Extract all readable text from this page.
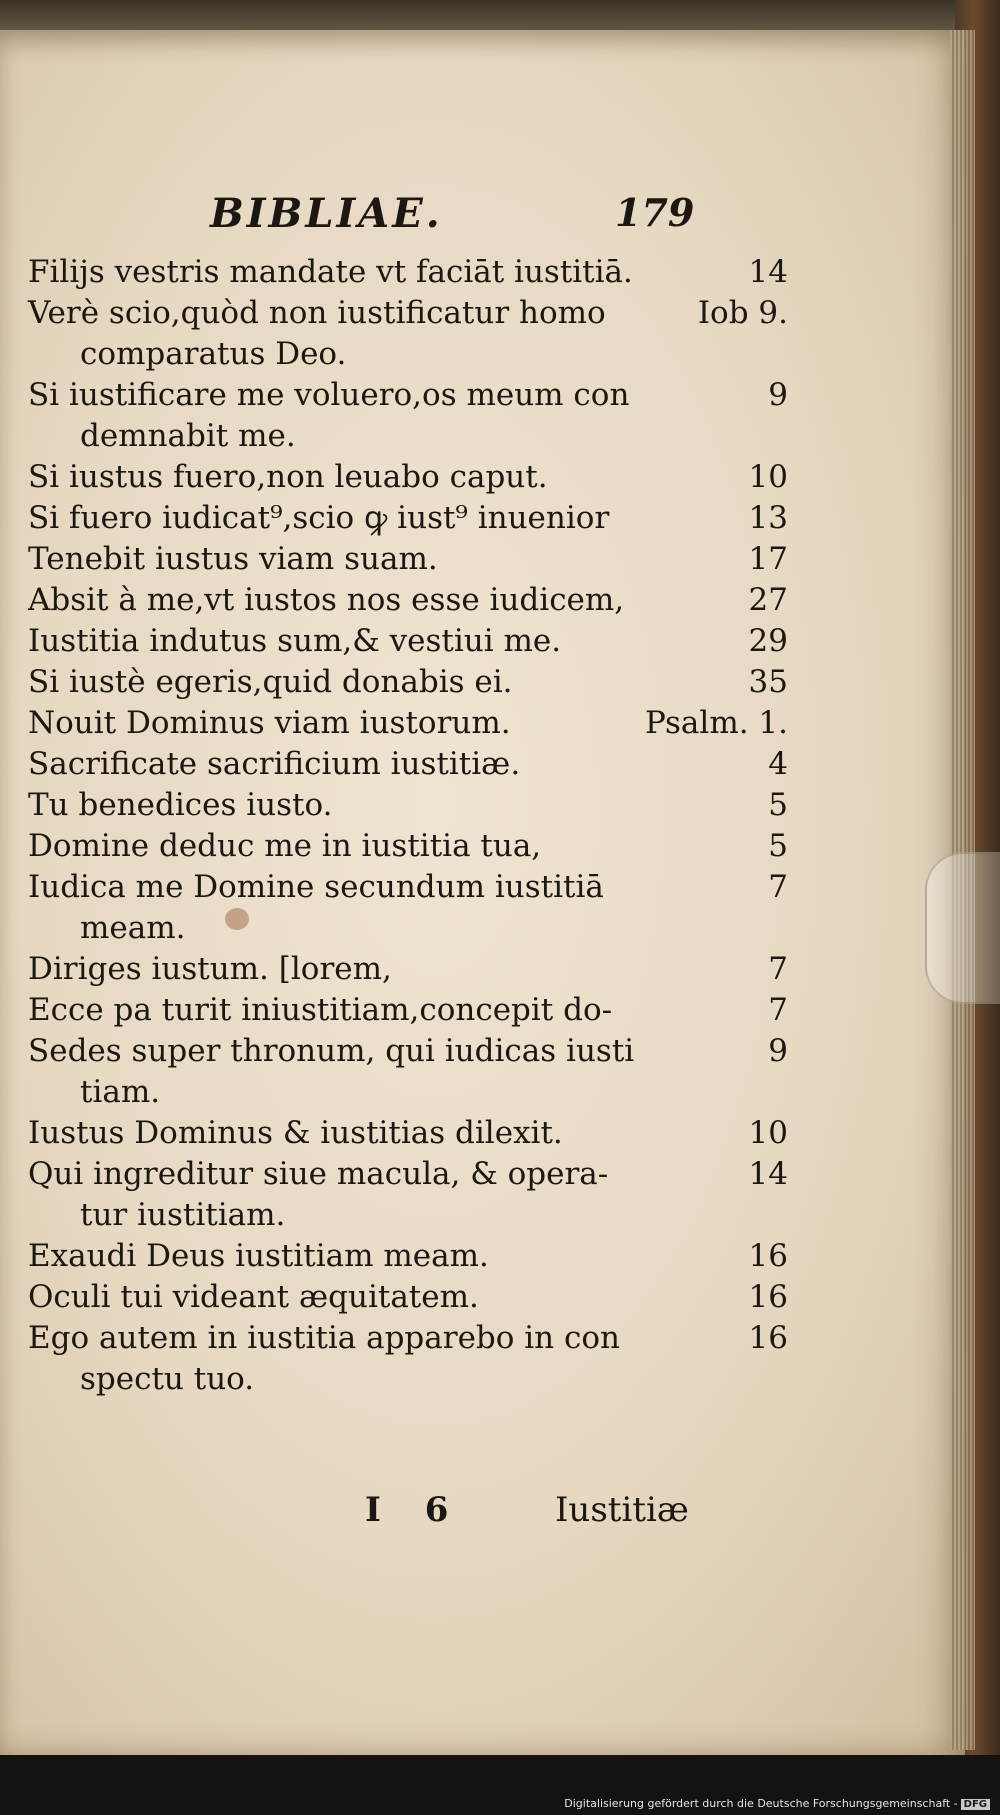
BIBLIAE.	179
Filijs vestris mandate vt faciāt iustitiā.	14
Verè scio,quòd non iustificatur homo	Iob 9.
comparatus Deo.
Si iustificare me voluero,os meum con	9
demnabit me.
Si iustus fuero,non leuabo caput.	10
Si fuero iudicat⁹,scio ꝙ iust⁹ inuenior	13
Tenebit iustus viam suam.	17
Absit à me,vt iustos nos esse iudicem,	27
Iustitia indutus sum,& vestiui me.	29
Si iustè egeris,quid donabis ei.	35
Nouit Dominus viam iustorum.	Psalm. 1.
Sacrificate sacrificium iustitiæ.	4
Tu benedices iusto.	5
Domine deduc me in iustitia tua,	5
Iudica me Domine secundum iustitiā	7
meam.
Diriges iustum. [lorem,	7
Ecce pa turit iniustitiam,concepit do-	7
Sedes super thronum, qui iudicas iusti	9
tiam.
Iustus Dominus & iustitias dilexit.	10
Qui ingreditur siue macula, & opera-	14
tur iustitiam.
Exaudi Deus iustitiam meam.	16
Oculi tui videant æquitatem.	16
Ego autem in iustitia apparebo in con	16
spectu tuo.
I 6	Iustitiæ
Digitalisierung gefördert durch die Deutsche Forschungsgemeinschaft - DFG
